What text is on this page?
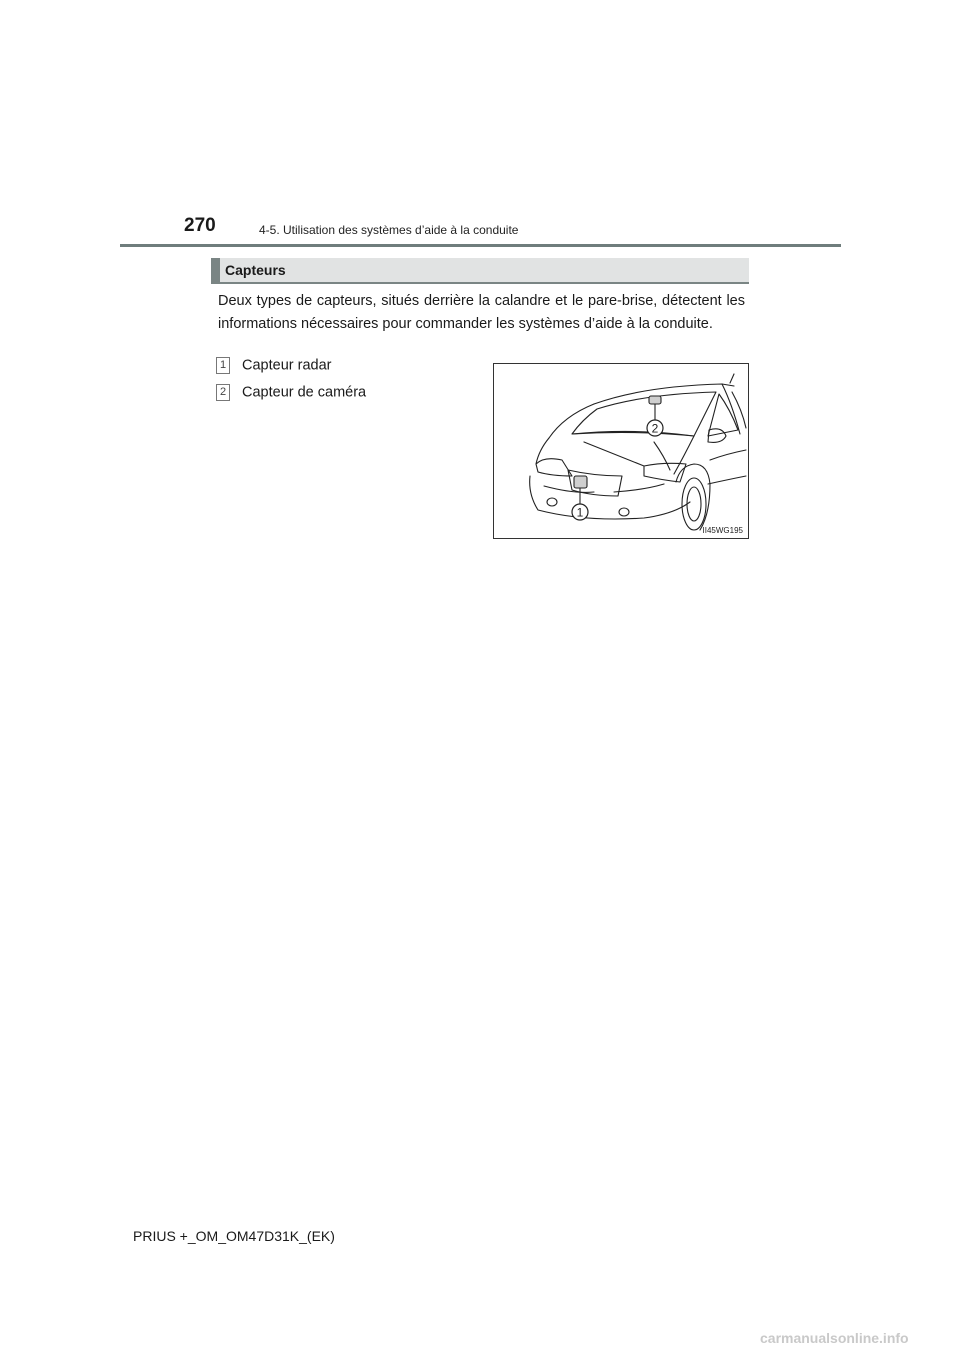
270	4-5. Utilisation des systèmes d’aide à la conduite
Capteurs
Deux types de capteurs, situés derrière la calandre et le pare-brise, détectent les informations nécessaires pour commander les systèmes d’aide à la conduite.
1 Capteur radar
2 Capteur de caméra
2
1
II45WG195
PRIUS +_OM_OM47D31K_(EK)
carmanualsonline.info
